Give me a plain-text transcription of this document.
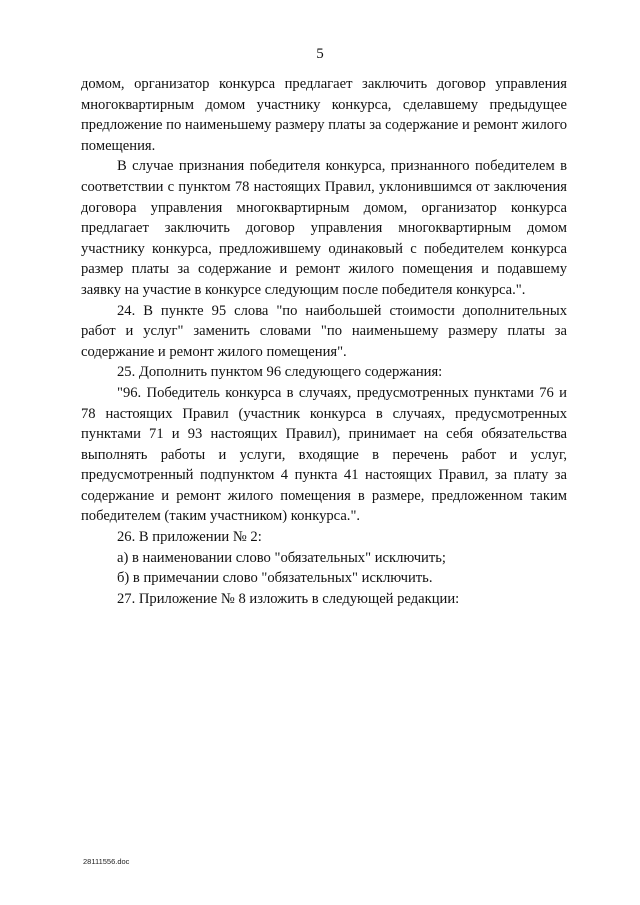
5

домом, организатор конкурса предлагает заключить договор управления многоквартирным домом участнику конкурса, сделавшему предыдущее предложение по наименьшему размеру платы за содержание и ремонт жилого помещения.

В случае признания победителя конкурса, признанного победителем в соответствии с пунктом 78 настоящих Правил, уклонившимся от заключения договора управления многоквартирным домом, организатор конкурса предлагает заключить договор управления многоквартирным домом участнику конкурса, предложившему одинаковый с победителем конкурса размер платы за содержание и ремонт жилого помещения и подавшему заявку на участие в конкурсе следующим после победителя конкурса.".

24. В пункте 95 слова "по наибольшей стоимости дополнительных работ и услуг" заменить словами "по наименьшему размеру платы за содержание и ремонт жилого помещения".

25. Дополнить пунктом 96 следующего содержания:

"96. Победитель конкурса в случаях, предусмотренных пунктами 76 и 78 настоящих Правил (участник конкурса в случаях, предусмотренных пунктами 71 и 93 настоящих Правил), принимает на себя обязательства выполнять работы и услуги, входящие в перечень работ и услуг, предусмотренный подпунктом 4 пункта 41 настоящих Правил, за плату за содержание и ремонт жилого помещения в размере, предложенном таким победителем (таким участником) конкурса.".

26. В приложении № 2:

а) в наименовании слово "обязательных" исключить;

б) в примечании слово "обязательных" исключить.

27. Приложение № 8 изложить в следующей редакции:

28111556.doc
